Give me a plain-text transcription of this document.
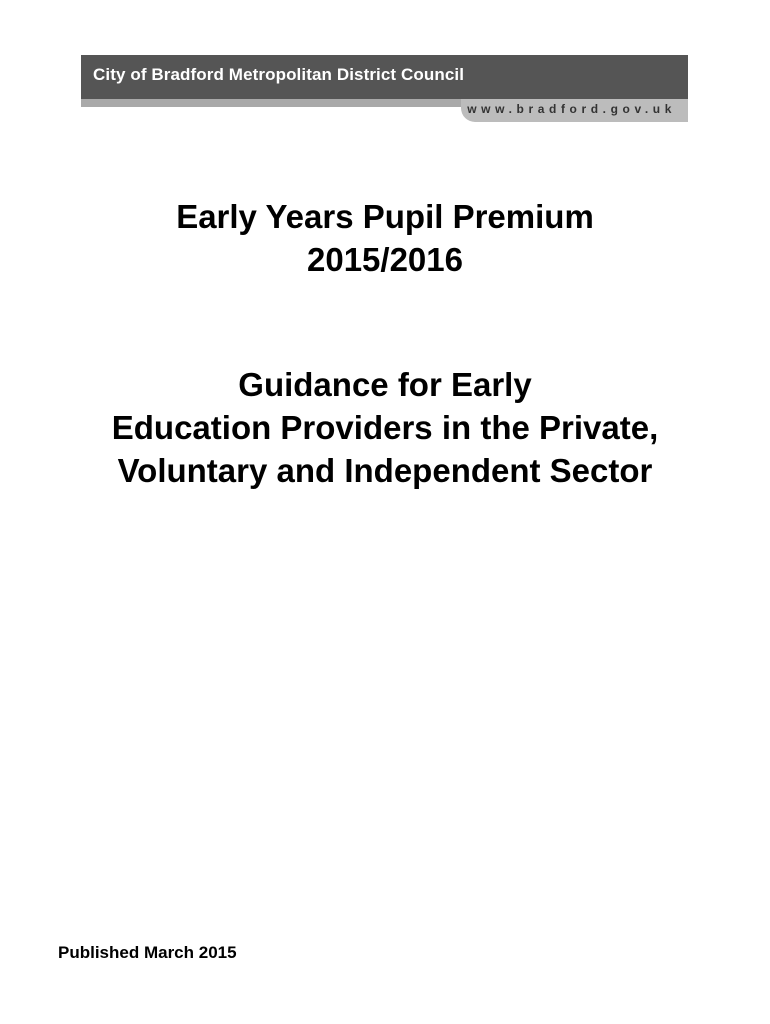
City of Bradford Metropolitan District Council
www.bradford.gov.uk
Early Years Pupil Premium
2015/2016
Guidance for Early
Education Providers in the Private,
Voluntary and Independent Sector
Published March 2015
